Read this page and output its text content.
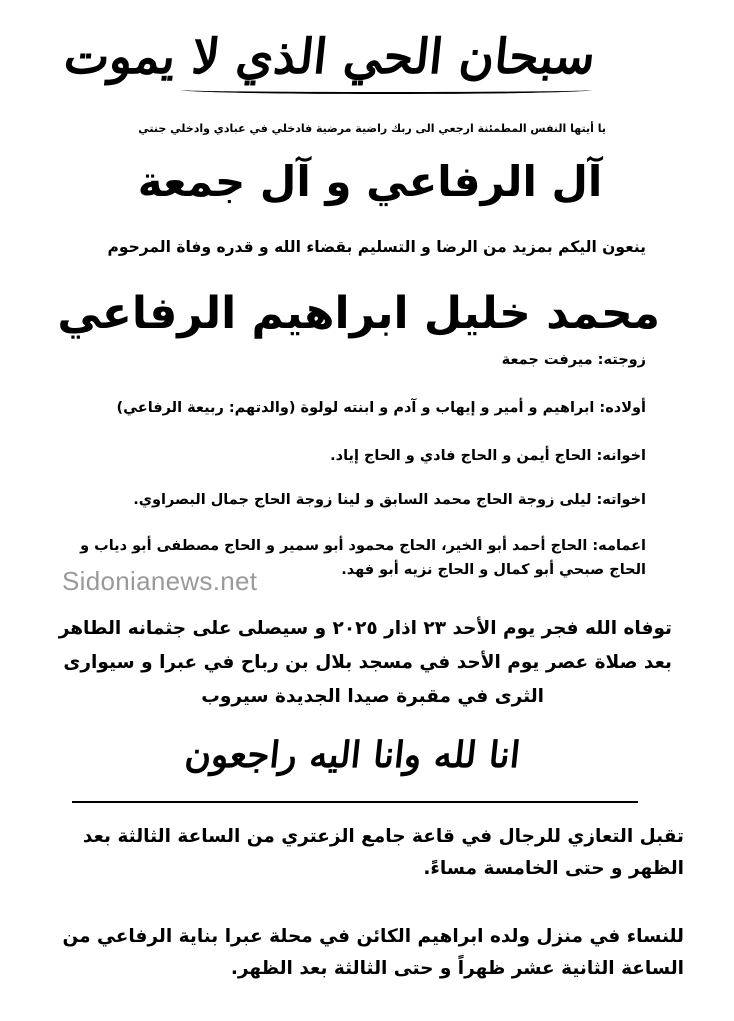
سبحان الحي الذي لا يموت
يا أيتها النفس المطمئنة ارجعي الى ربك راضية مرضية فادخلي في عبادي وادخلي جنتي
آل الرفاعي و آل جمعة
ينعون اليكم بمزيد من الرضا و التسليم بقضاء الله و قدره وفاة المرحوم
محمد خليل ابراهيم الرفاعي
زوجته: ميرفت جمعة
أولاده: ابراهيم و أمير و إيهاب و آدم و ابنته لولوة (والدتهم: ربيعة الرفاعي)
اخوانه: الحاج أيمن و الحاج فادي و الحاج إياد.
اخواته: ليلى زوجة الحاج محمد السابق و لينا زوجة الحاج جمال البصراوي.
اعمامه: الحاج أحمد أبو الخير، الحاج محمود أبو سمير و الحاج مصطفى أبو دياب و
الحاج صبحي أبو كمال و الحاج نزيه أبو فهد.
Sidonianews.net
توفاه الله فجر يوم الأحد ٢٣ اذار ٢٠٢٥ و سيصلى على جثمانه الطاهر
بعد صلاة عصر يوم الأحد في مسجد بلال بن رباح في عبرا و سيوارى
الثرى في مقبرة صيدا الجديدة سيروب
انا لله وانا اليه راجعون
تقبل التعازي للرجال في قاعة جامع الزعتري من الساعة الثالثة بعد
الظهر و حتى الخامسة مساءً.
للنساء في منزل ولده ابراهيم الكائن في محلة عبرا بناية الرفاعي من
الساعة الثانية عشر ظهراً و حتى الثالثة بعد الظهر.
